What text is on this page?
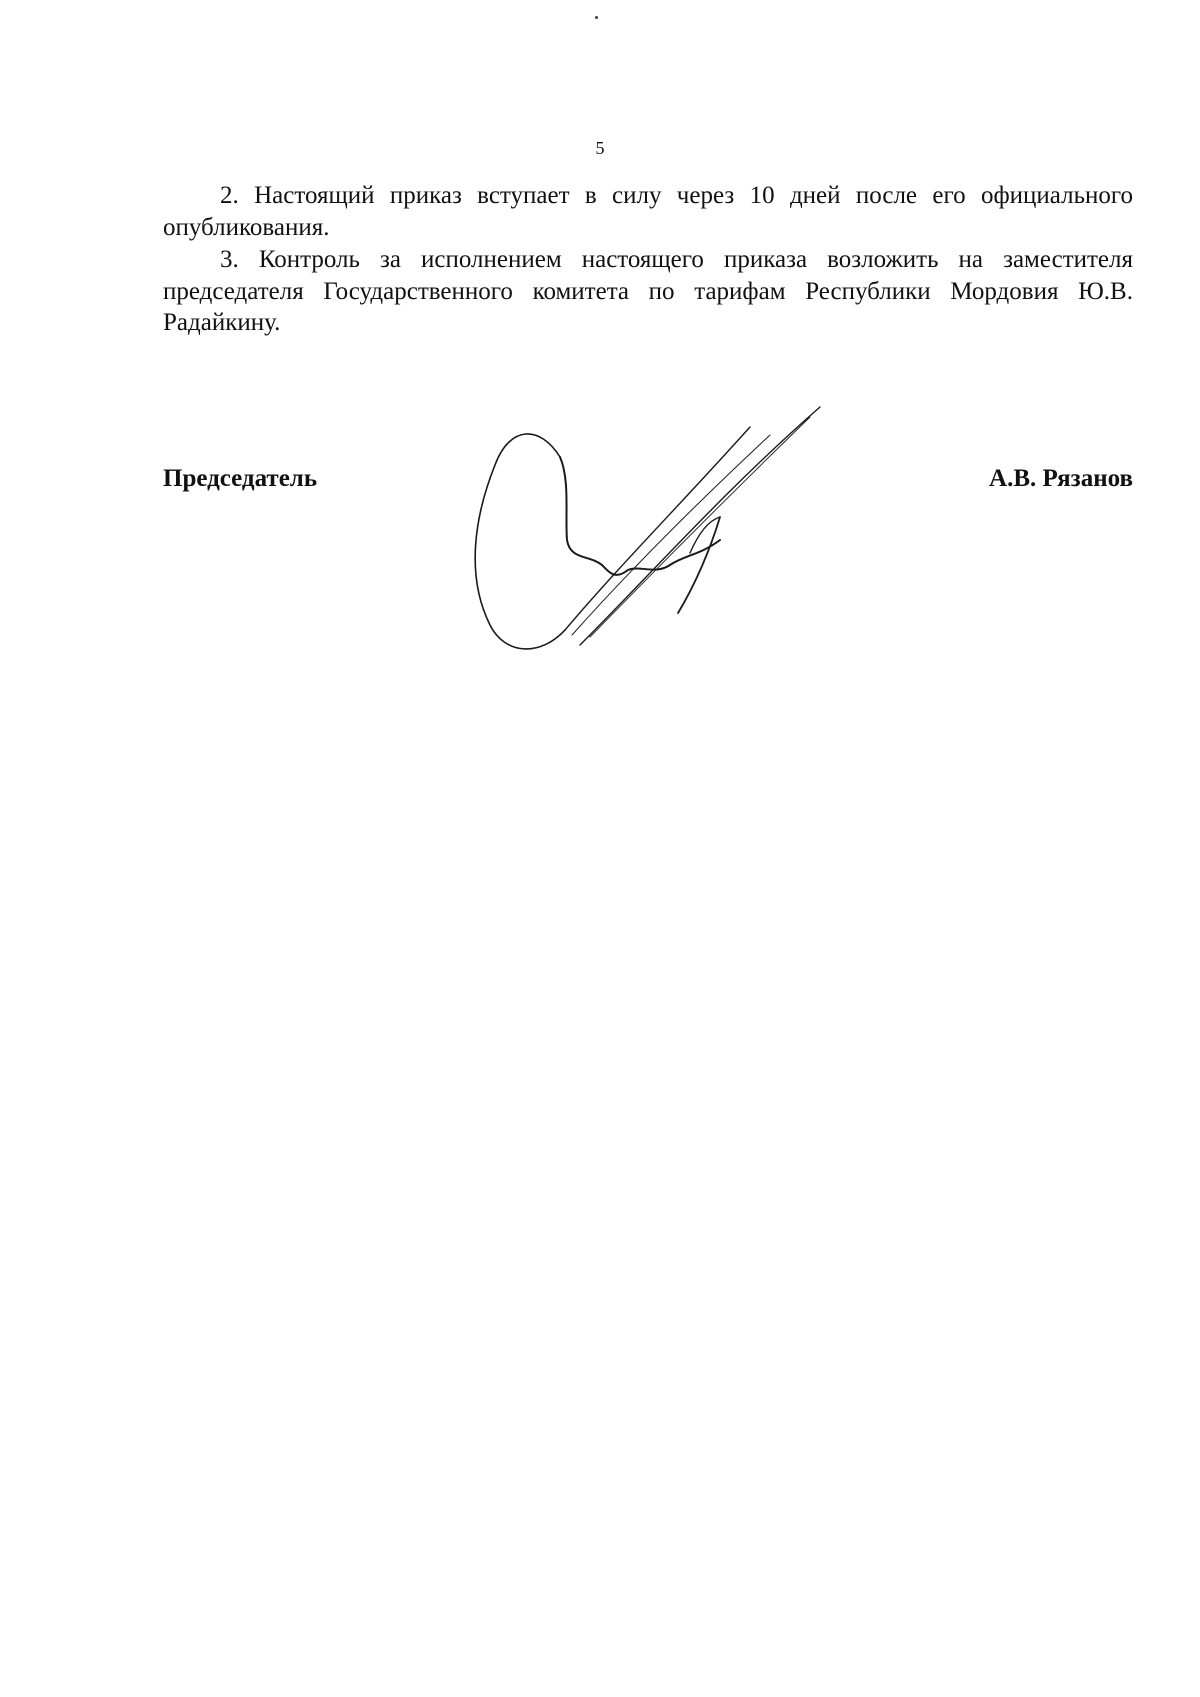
5

2. Настоящий приказ вступает в силу через 10 дней после его официального опубликования.

3. Контроль за исполнением настоящего приказа возложить на заместителя председателя Государственного комитета по тарифам Республики Мордовия Ю.В. Радайкину.

Председатель	А.В. Рязанов
